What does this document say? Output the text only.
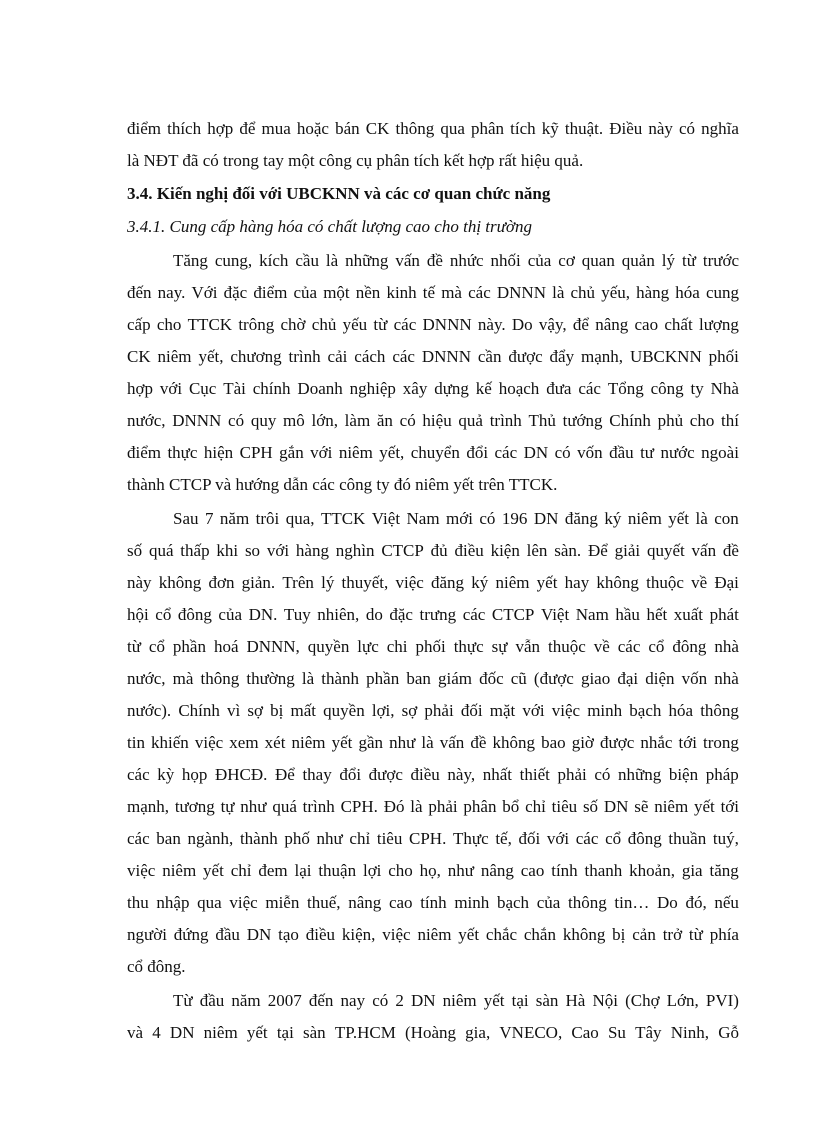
điểm thích hợp để mua hoặc bán CK thông qua phân tích kỹ thuật. Điều này có nghĩa
là NĐT đã có trong tay một công cụ phân tích kết hợp rất hiệu quả.
3.4. Kiến nghị đối với UBCKNN và các cơ quan chức năng
3.4.1. Cung cấp hàng hóa có chất lượng cao cho thị trường
Tăng cung, kích cầu là những vấn đề nhức nhối của cơ quan quản lý từ trước
đến nay. Với đặc điểm của một nền kinh tế mà các DNNN là chủ yếu, hàng hóa cung
cấp cho TTCK trông chờ chủ yếu từ các DNNN này. Do vậy, để nâng cao chất lượng
CK niêm yết, chương trình cải cách các DNNN cần được đẩy mạnh, UBCKNN phối
hợp với Cục Tài chính Doanh nghiệp xây dựng kế hoạch đưa các Tổng công ty Nhà
nước, DNNN có quy mô lớn, làm ăn có hiệu quả trình Thủ tướng Chính phủ cho thí
điểm thực hiện CPH gắn với niêm yết, chuyển đổi các DN có vốn đầu tư nước ngoài
thành CTCP và hướng dẫn các công ty đó niêm yết trên TTCK.
Sau 7 năm trôi qua, TTCK Việt Nam mới có 196 DN đăng ký niêm yết là con
số quá thấp khi so với hàng nghìn CTCP đủ điều kiện lên sàn. Để giải quyết vấn đề
này không đơn giản. Trên lý thuyết, việc đăng ký niêm yết hay không thuộc về Đại
hội cổ đông của DN. Tuy nhiên, do đặc trưng các CTCP Việt Nam hầu hết xuất phát
từ cổ phần hoá DNNN, quyền lực chi phối thực sự vẫn thuộc về các cổ đông nhà
nước, mà thông thường là thành phần ban giám đốc cũ (được giao đại diện vốn nhà
nước). Chính vì sợ bị mất quyền lợi, sợ phải đối mặt với việc minh bạch hóa thông
tin khiến việc xem xét niêm yết gần như là vấn đề không bao giờ được nhắc tới trong
các kỳ họp ĐHCĐ. Để thay đổi được điều này, nhất thiết phải có những biện pháp
mạnh, tương tự như quá trình CPH. Đó là phải phân bổ chỉ tiêu số DN sẽ niêm yết tới
các ban ngành, thành phố như chỉ tiêu CPH. Thực tế, đối với các cổ đông thuần tuý,
việc niêm yết chỉ đem lại thuận lợi cho họ, như nâng cao tính thanh khoản, gia tăng
thu nhập qua việc miễn thuế, nâng cao tính minh bạch của thông tin… Do đó, nếu
người đứng đầu DN tạo điều kiện, việc niêm yết chắc chắn không bị cản trở từ phía
cổ đông.
Từ đầu năm 2007 đến nay có 2 DN niêm yết tại sàn Hà Nội (Chợ Lớn, PVI)
và 4 DN niêm yết tại sàn TP.HCM (Hoàng gia, VNECO, Cao Su Tây Ninh, Gỗ
